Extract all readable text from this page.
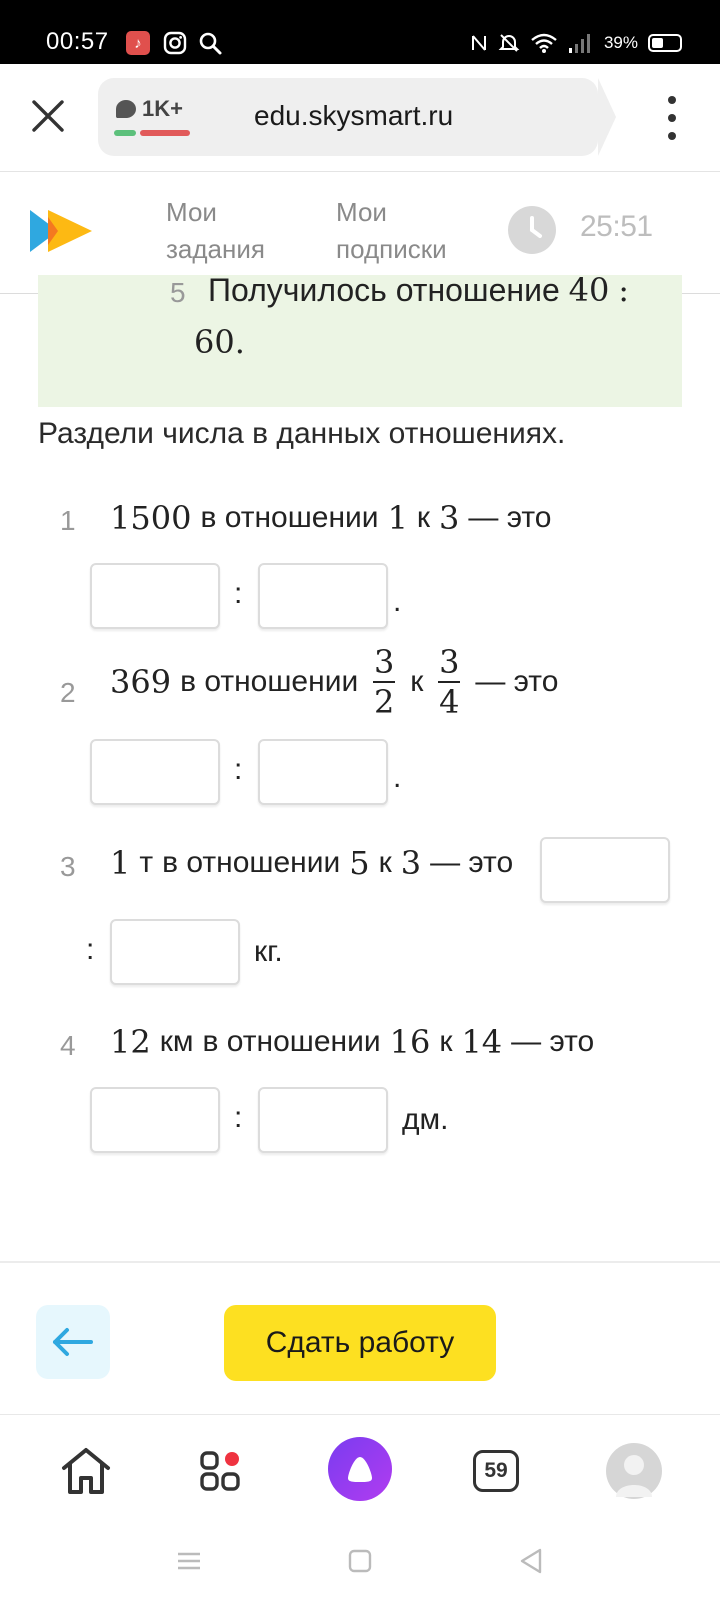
00:57	♪	39%
1K+	edu.skysmart.ru
Мои
задания
Мои
подписки
25:51
5 Получилось отношение 40 :
60.
Раздели числа в данных отношениях.
1 1500 в отношении 1 к 3 — это
:	.
2 369 в отношении $\frac{3}{2}$ к $\frac{3}{4}$ — это
:	.
3 1 т в отношении 5 к 3 — это
:	кг.
4 12 км в отношении 16 к 14 — это
:	дм.
Сдать работу
59
